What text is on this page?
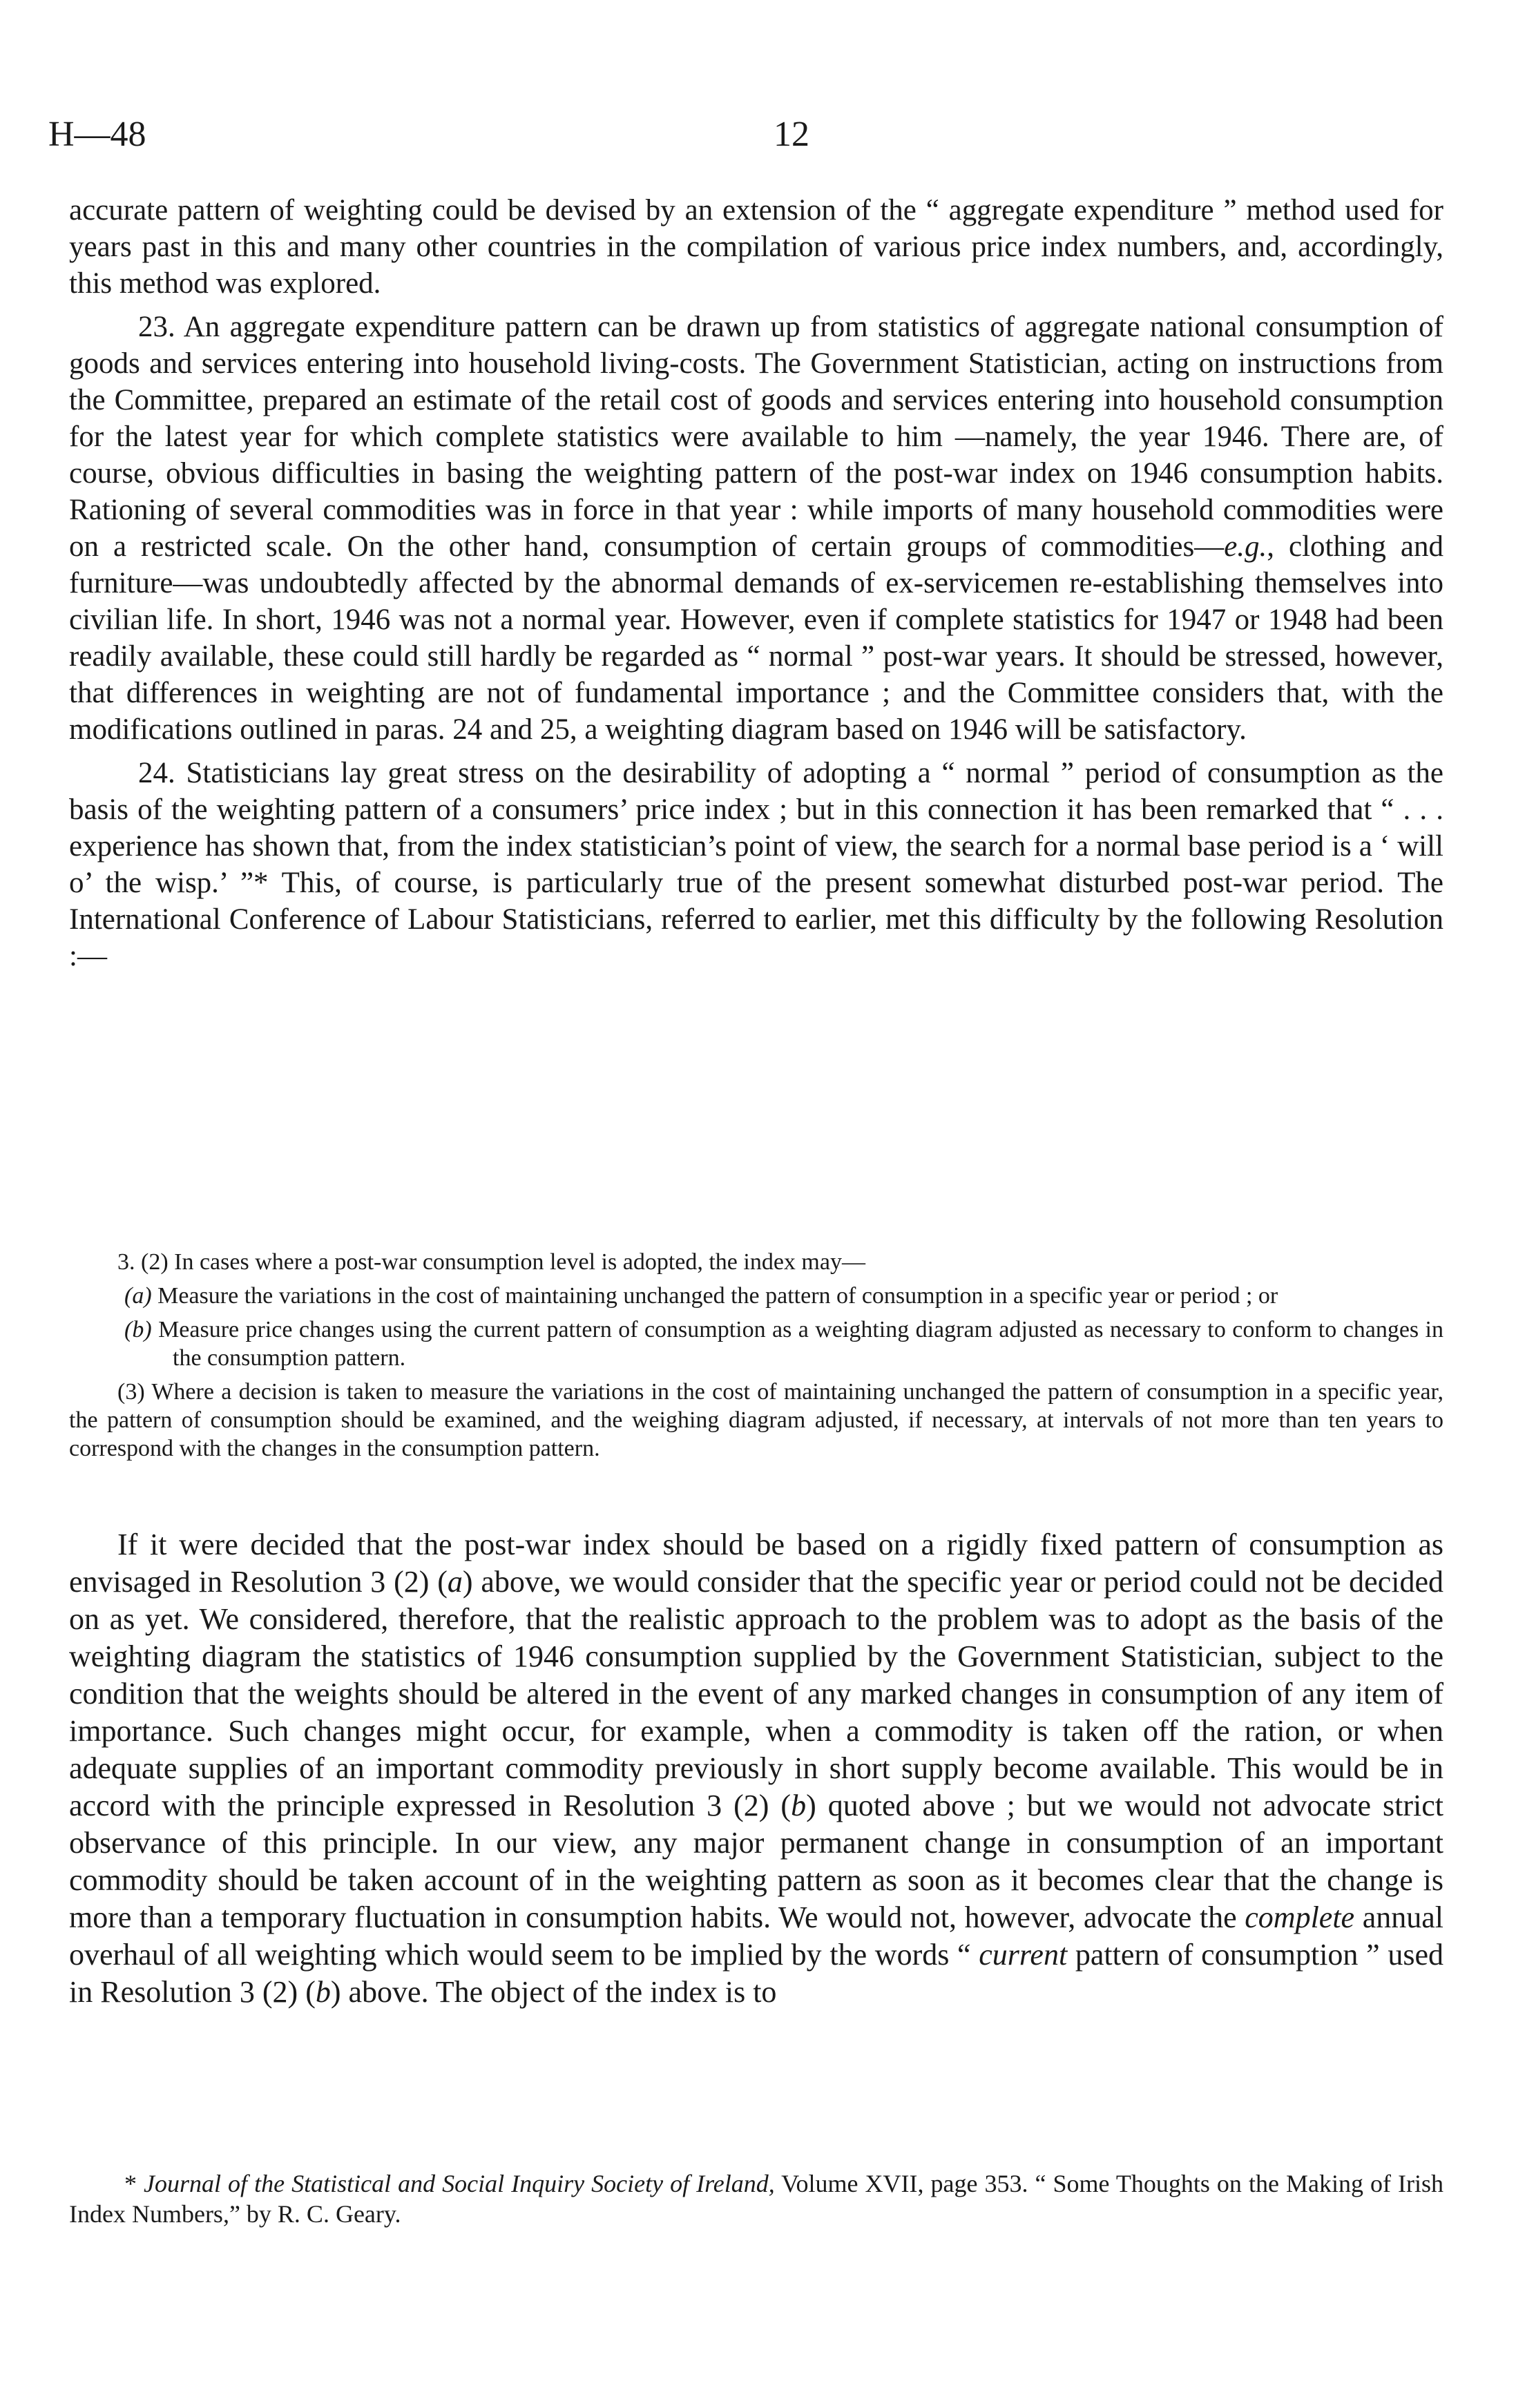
H—48	12

accurate pattern of weighting could be devised by an extension of the “ aggregate expenditure ” method used for years past in this and many other countries in the compilation of various price index numbers, and, accordingly, this method was explored.

23. An aggregate expenditure pattern can be drawn up from statistics of aggregate national consumption of goods and services entering into household living-costs. The Government Statistician, acting on instructions from the Committee, prepared an estimate of the retail cost of goods and services entering into household consumption for the latest year for which complete statistics were available to him —namely, the year 1946. There are, of course, obvious difficulties in basing the weighting pattern of the post-war index on 1946 consumption habits. Rationing of several commodities was in force in that year : while imports of many household commodities were on a restricted scale. On the other hand, consumption of certain groups of commodities—e.g., clothing and furniture—was undoubtedly affected by the abnormal demands of ex-servicemen re-establishing themselves into civilian life. In short, 1946 was not a normal year. However, even if complete statistics for 1947 or 1948 had been readily available, these could still hardly be regarded as “ normal ” post-war years. It should be stressed, however, that differences in weighting are not of fundamental importance ; and the Committee considers that, with the modifications outlined in paras. 24 and 25, a weighting diagram based on 1946 will be satisfactory.

24. Statisticians lay great stress on the desirability of adopting a “ normal ” period of consumption as the basis of the weighting pattern of a consumers’ price index ; but in this connection it has been remarked that “ . . . experience has shown that, from the index statistician’s point of view, the search for a normal base period is a ‘ will o’ the wisp.’ ”* This, of course, is particularly true of the present somewhat disturbed post-war period. The International Conference of Labour Statisticians, referred to earlier, met this difficulty by the following Resolution :—

3. (2) In cases where a post-war consumption level is adopted, the index may—

(a) Measure the variations in the cost of maintaining unchanged the pattern of consumption in a specific year or period ; or

(b) Measure price changes using the current pattern of consumption as a weighting diagram adjusted as necessary to conform to changes in the consumption pattern.

(3) Where a decision is taken to measure the variations in the cost of maintaining unchanged the pattern of consumption in a specific year, the pattern of consumption should be examined, and the weighing diagram adjusted, if necessary, at intervals of not more than ten years to correspond with the changes in the consumption pattern.

If it were decided that the post-war index should be based on a rigidly fixed pattern of consumption as envisaged in Resolution 3 (2) (a) above, we would consider that the specific year or period could not be decided on as yet. We considered, therefore, that the realistic approach to the problem was to adopt as the basis of the weighting diagram the statistics of 1946 consumption supplied by the Government Statistician, subject to the condition that the weights should be altered in the event of any marked changes in consumption of any item of importance. Such changes might occur, for example, when a commodity is taken off the ration, or when adequate supplies of an important commodity previously in short supply become available. This would be in accord with the principle expressed in Resolution 3 (2) (b) quoted above ; but we would not advocate strict observance of this principle. In our view, any major permanent change in consumption of an important commodity should be taken account of in the weighting pattern as soon as it becomes clear that the change is more than a temporary fluctuation in consumption habits. We would not, however, advocate the complete annual overhaul of all weighting which would seem to be implied by the words “ current pattern of consumption ” used in Resolution 3 (2) (b) above. The object of the index is to

* Journal of the Statistical and Social Inquiry Society of Ireland, Volume XVII, page 353. “ Some Thoughts on the Making of Irish Index Numbers,” by R. C. Geary.
